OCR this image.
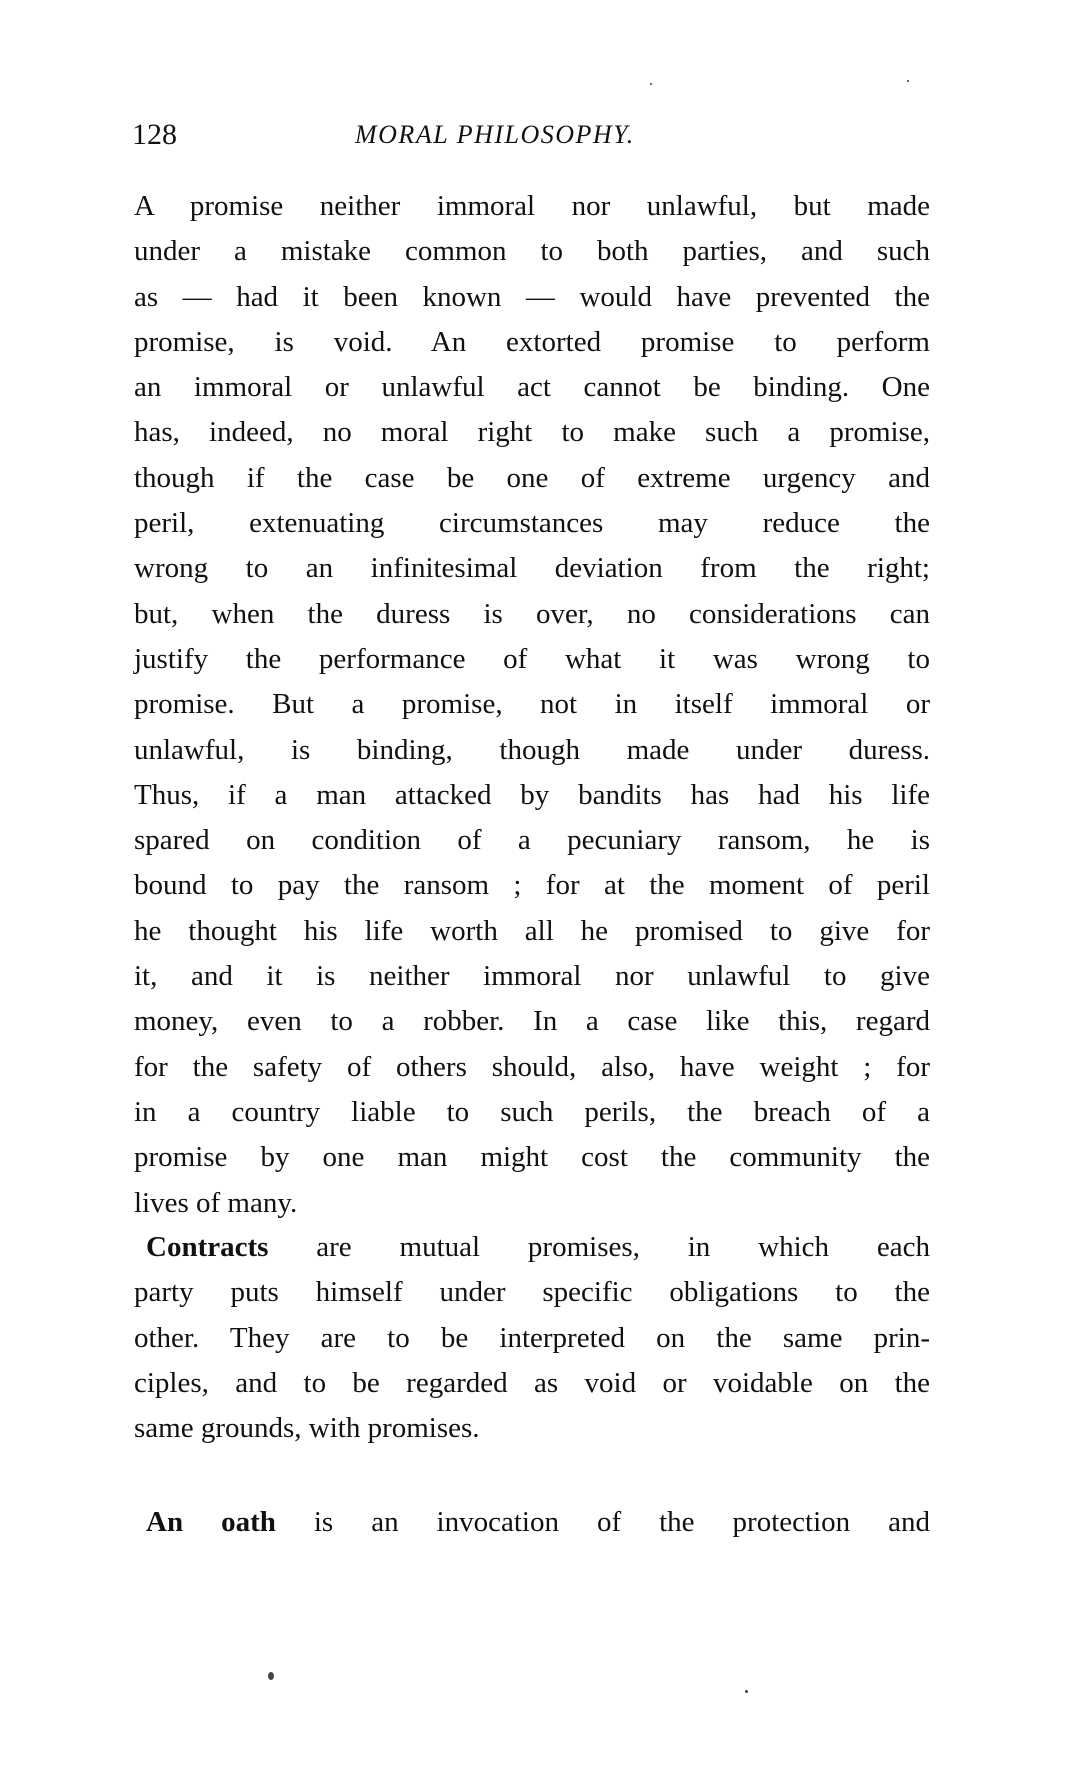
128	MORAL PHILOSOPHY.
A promise neither immoral nor unlawful, but made
under a mistake common to both parties, and such
as — had it been known — would have prevented the
promise, is void. An extorted promise to perform
an immoral or unlawful act cannot be binding. One
has, indeed, no moral right to make such a promise,
though if the case be one of extreme urgency and
peril, extenuating circumstances may reduce the
wrong to an infinitesimal deviation from the right;
but, when the duress is over, no considerations can
justify the performance of what it was wrong to
promise. But a promise, not in itself immoral or
unlawful, is binding, though made under duress.
Thus, if a man attacked by bandits has had his life
spared on condition of a pecuniary ransom, he is
bound to pay the ransom ; for at the moment of peril
he thought his life worth all he promised to give for
it, and it is neither immoral nor unlawful to give
money, even to a robber. In a case like this, regard
for the safety of others should, also, have weight ; for
in a country liable to such perils, the breach of a
promise by one man might cost the community the
lives of many.
Contracts are mutual promises, in which each
party puts himself under specific obligations to the
other. They are to be interpreted on the same prin-
ciples, and to be regarded as void or voidable on the
same grounds, with promises.
An oath is an invocation of the protection and
